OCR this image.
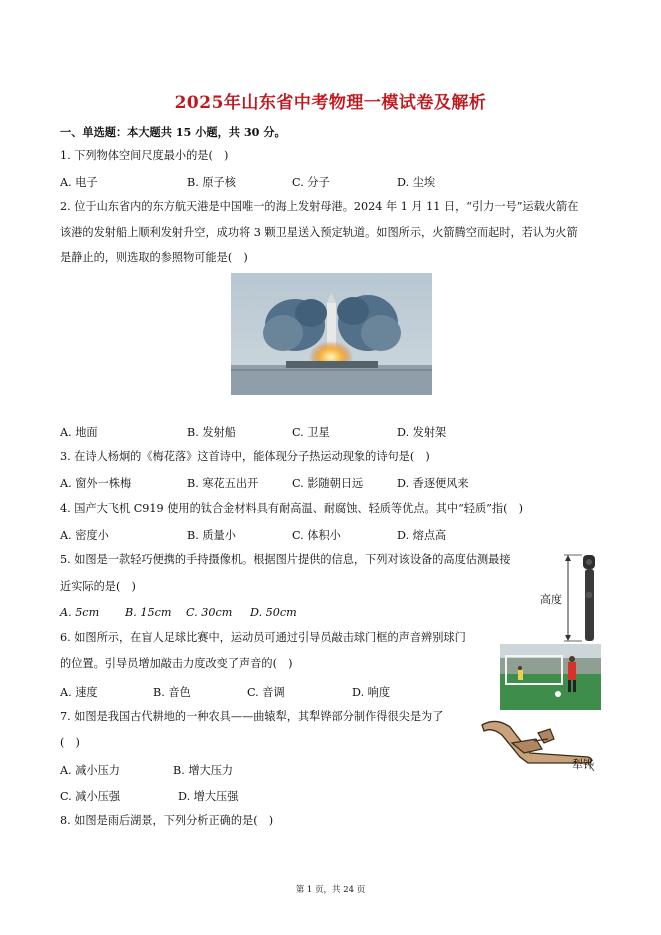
2025年山东省中考物理一模试卷及解析
一、单选题：本大题共 15 小题，共 30 分。
1. 下列物体空间尺度最小的是(　)
A. 电子	B. 原子核	C. 分子	D. 尘埃
2. 位于山东省内的东方航天港是中国唯一的海上发射母港。2024 年 1 月 11 日，“引力一号”运载火箭在
该港的发射船上顺利发射升空，成功将 3 颗卫星送入预定轨道。如图所示，火箭腾空而起时，若认为火箭
是静止的，则选取的参照物可能是(　)
A. 地面	B. 发射船	C. 卫星	D. 发射架
3. 在诗人杨炯的《梅花落》这首诗中，能体现分子热运动现象的诗句是(　)
A. 窗外一株梅	B. 寒花五出开	C. 影随朝日远	D. 香逐便风来
4. 国产大飞机 C919 使用的钛合金材料具有耐高温、耐腐蚀、轻质等优点。其中“轻质”指(　)
A. 密度小	B. 质量小	C. 体积小	D. 熔点高
5. 如图是一款轻巧便携的手持摄像机。根据图片提供的信息，下列对该设备的高度估测最接
近实际的是(　)
A. 5cm B. 15cm C. 30cm D. 50cm
高度
6. 如图所示，在盲人足球比赛中，运动员可通过引导员敲击球门框的声音辨别球门
的位置。引导员增加敲击力度改变了声音的(　)
A. 速度	B. 音色	C. 音调	D. 响度
7. 如图是我国古代耕地的一种农具——曲辕犁，其犁铧部分制作得很尖是为了
(　)
犁铧
A. 减小压力	B. 增大压力
C. 减小压强	D. 增大压强
8. 如图是雨后湖景，下列分析正确的是(　)
第 1 页，共 24 页
